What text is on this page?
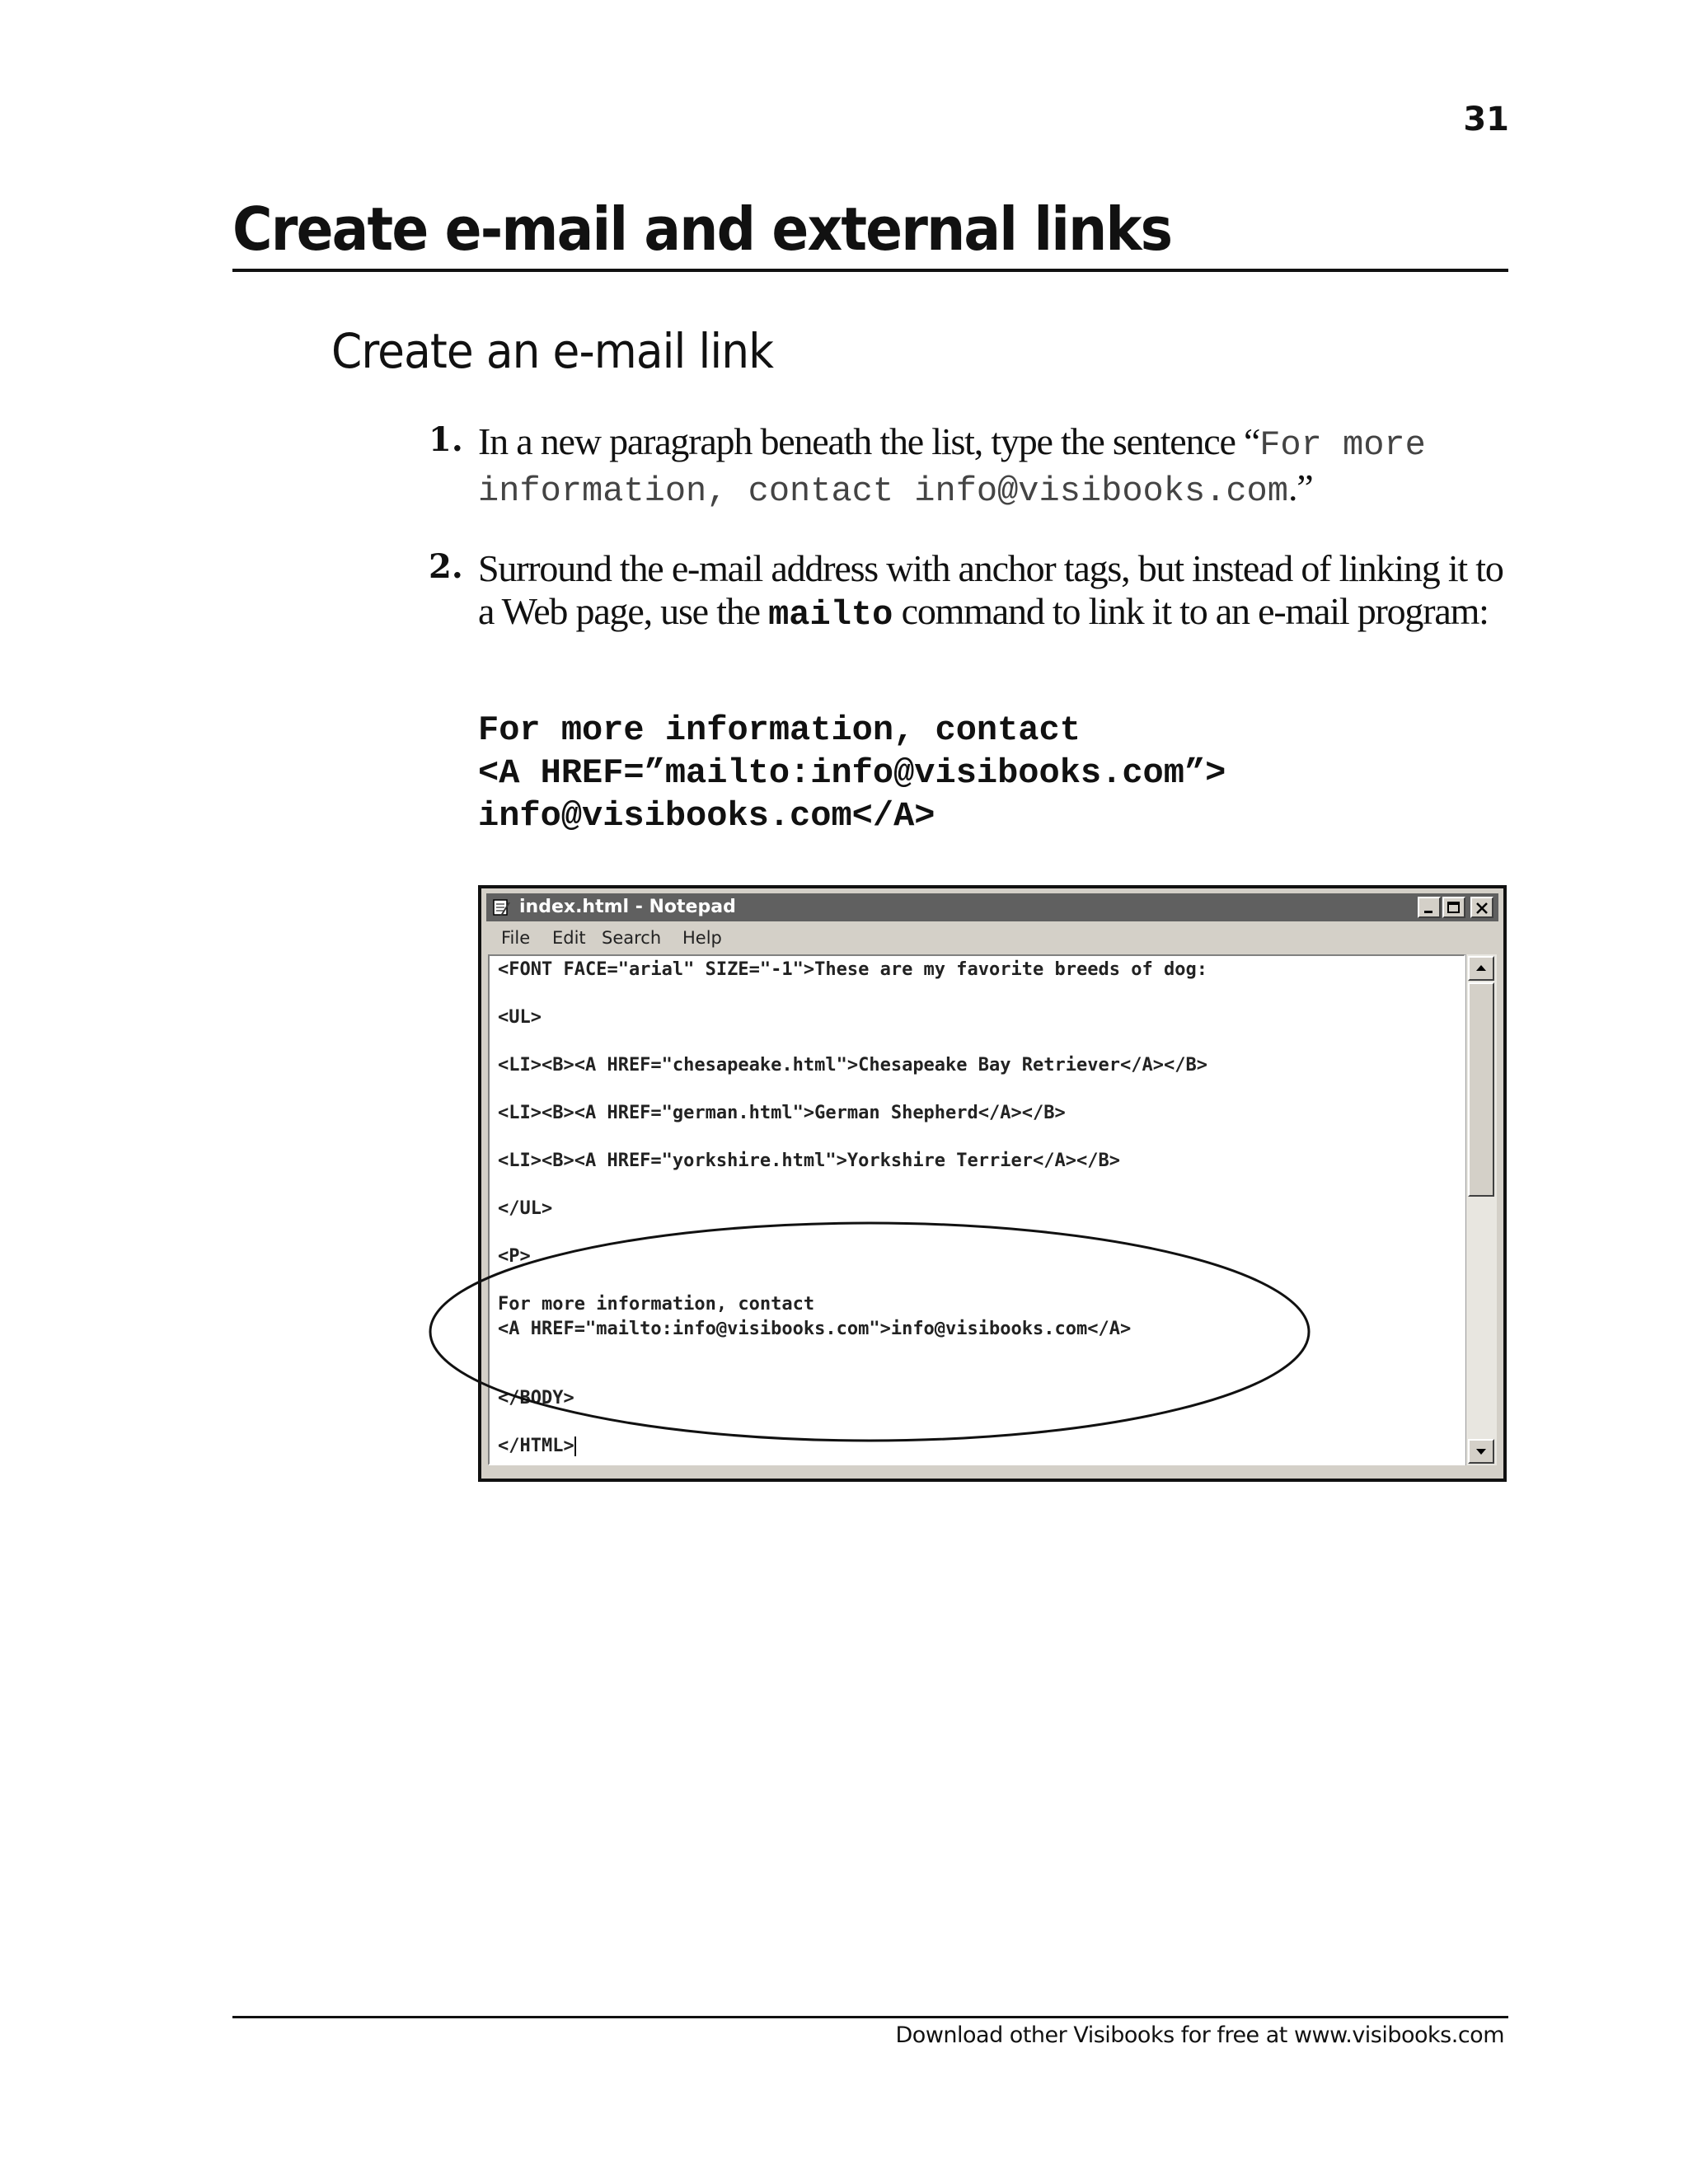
31
Create e-mail and external links
Create an e-mail link
1. In a new paragraph beneath the list, type the sentence “For more information, contact info@visibooks.com.”
2. Surround the e-mail address with anchor tags, but instead of linking it to a Web page, use the mailto command to link it to an e-mail program:
For more information, contact
<A HREF=”mailto:info@visibooks.com”>
info@visibooks.com</A>
index.html - Notepad
File Edit Search Help
<FONT FACE="arial" SIZE="-1">These are my favorite breeds of dog:
<UL>
<LI><B><A HREF="chesapeake.html">Chesapeake Bay Retriever</A></B>
<LI><B><A HREF="german.html">German Shepherd</A></B>
<LI><B><A HREF="yorkshire.html">Yorkshire Terrier</A></B>
</UL>
<P>
For more information, contact
<A HREF="mailto:info@visibooks.com">info@visibooks.com</A>
</BODY>
</HTML>
Download other Visibooks for free at www.visibooks.com
